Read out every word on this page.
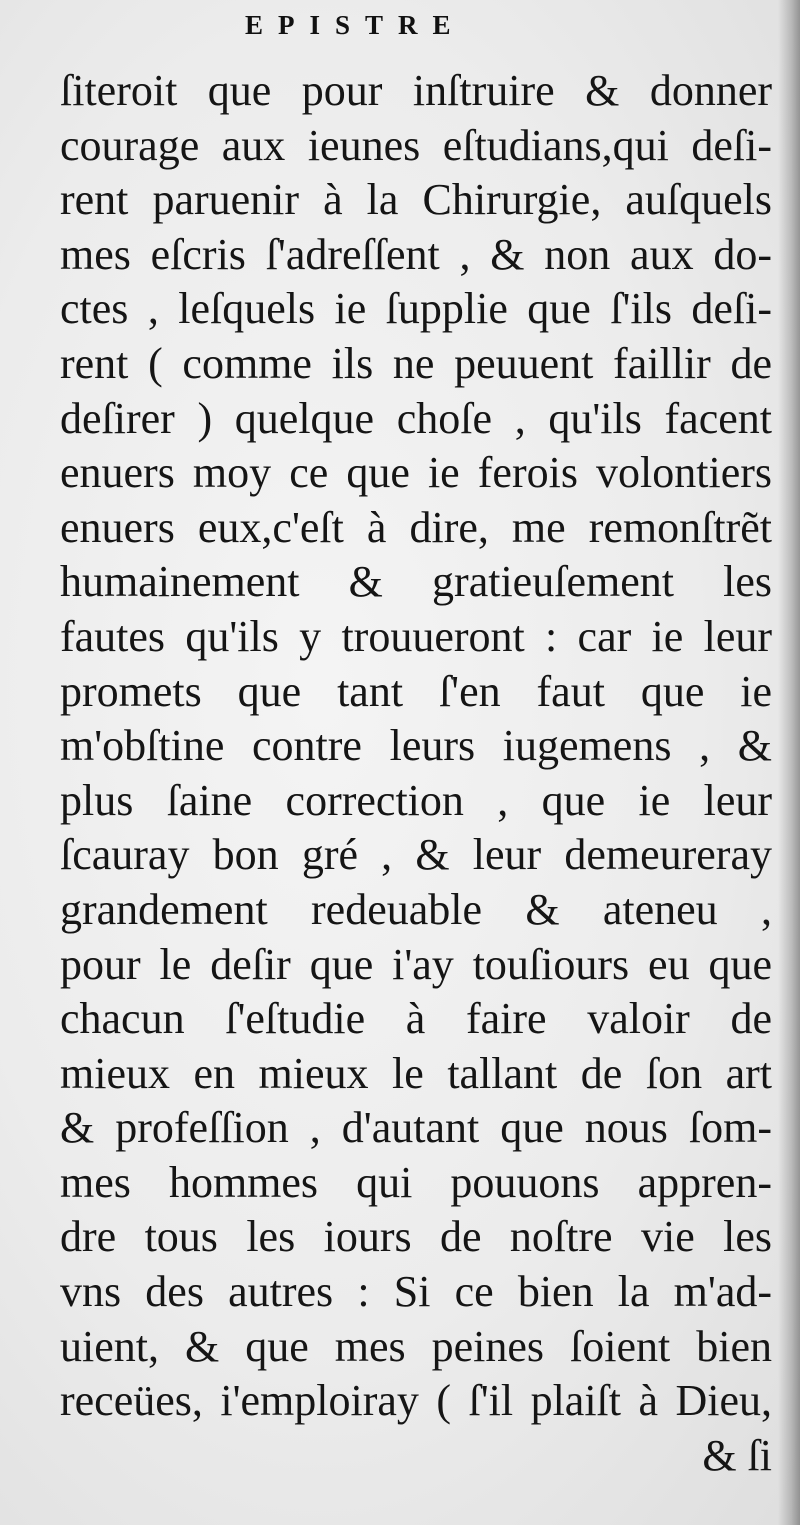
EPISTRE
ſiteroit que pour inſtruire & donner
courage aux ieunes eſtudians,qui deſi-
rent paruenir à la Chirurgie, auſquels
mes eſcris ſ'adreſſent , & non aux do-
ctes , leſquels ie ſupplie que ſ'ils deſi-
rent ( comme ils ne peuuent faillir de
deſirer ) quelque choſe , qu'ils facent
enuers moy ce que ie ferois volontiers
enuers eux,c'eſt à dire, me remonſtrẽt
humainement & gratieuſement les
fautes qu'ils y trouueront : car ie leur
promets que tant ſ'en faut que ie
m'obſtine contre leurs iugemens , &
plus ſaine correction , que ie leur
ſcauray bon gré , & leur demeureray
grandement redeuable & ateneu ,
pour le deſir que i'ay touſiours eu que
chacun ſ'eſtudie à faire valoir de
mieux en mieux le tallant de ſon art
& profeſſion , d'autant que nous ſom-
mes hommes qui pouuons appren-
dre tous les iours de noſtre vie les
vns des autres : Si ce bien la m'ad-
uient, & que mes peines ſoient bien
receües, i'emploiray ( ſ'il plaiſt à Dieu,
& ſi
